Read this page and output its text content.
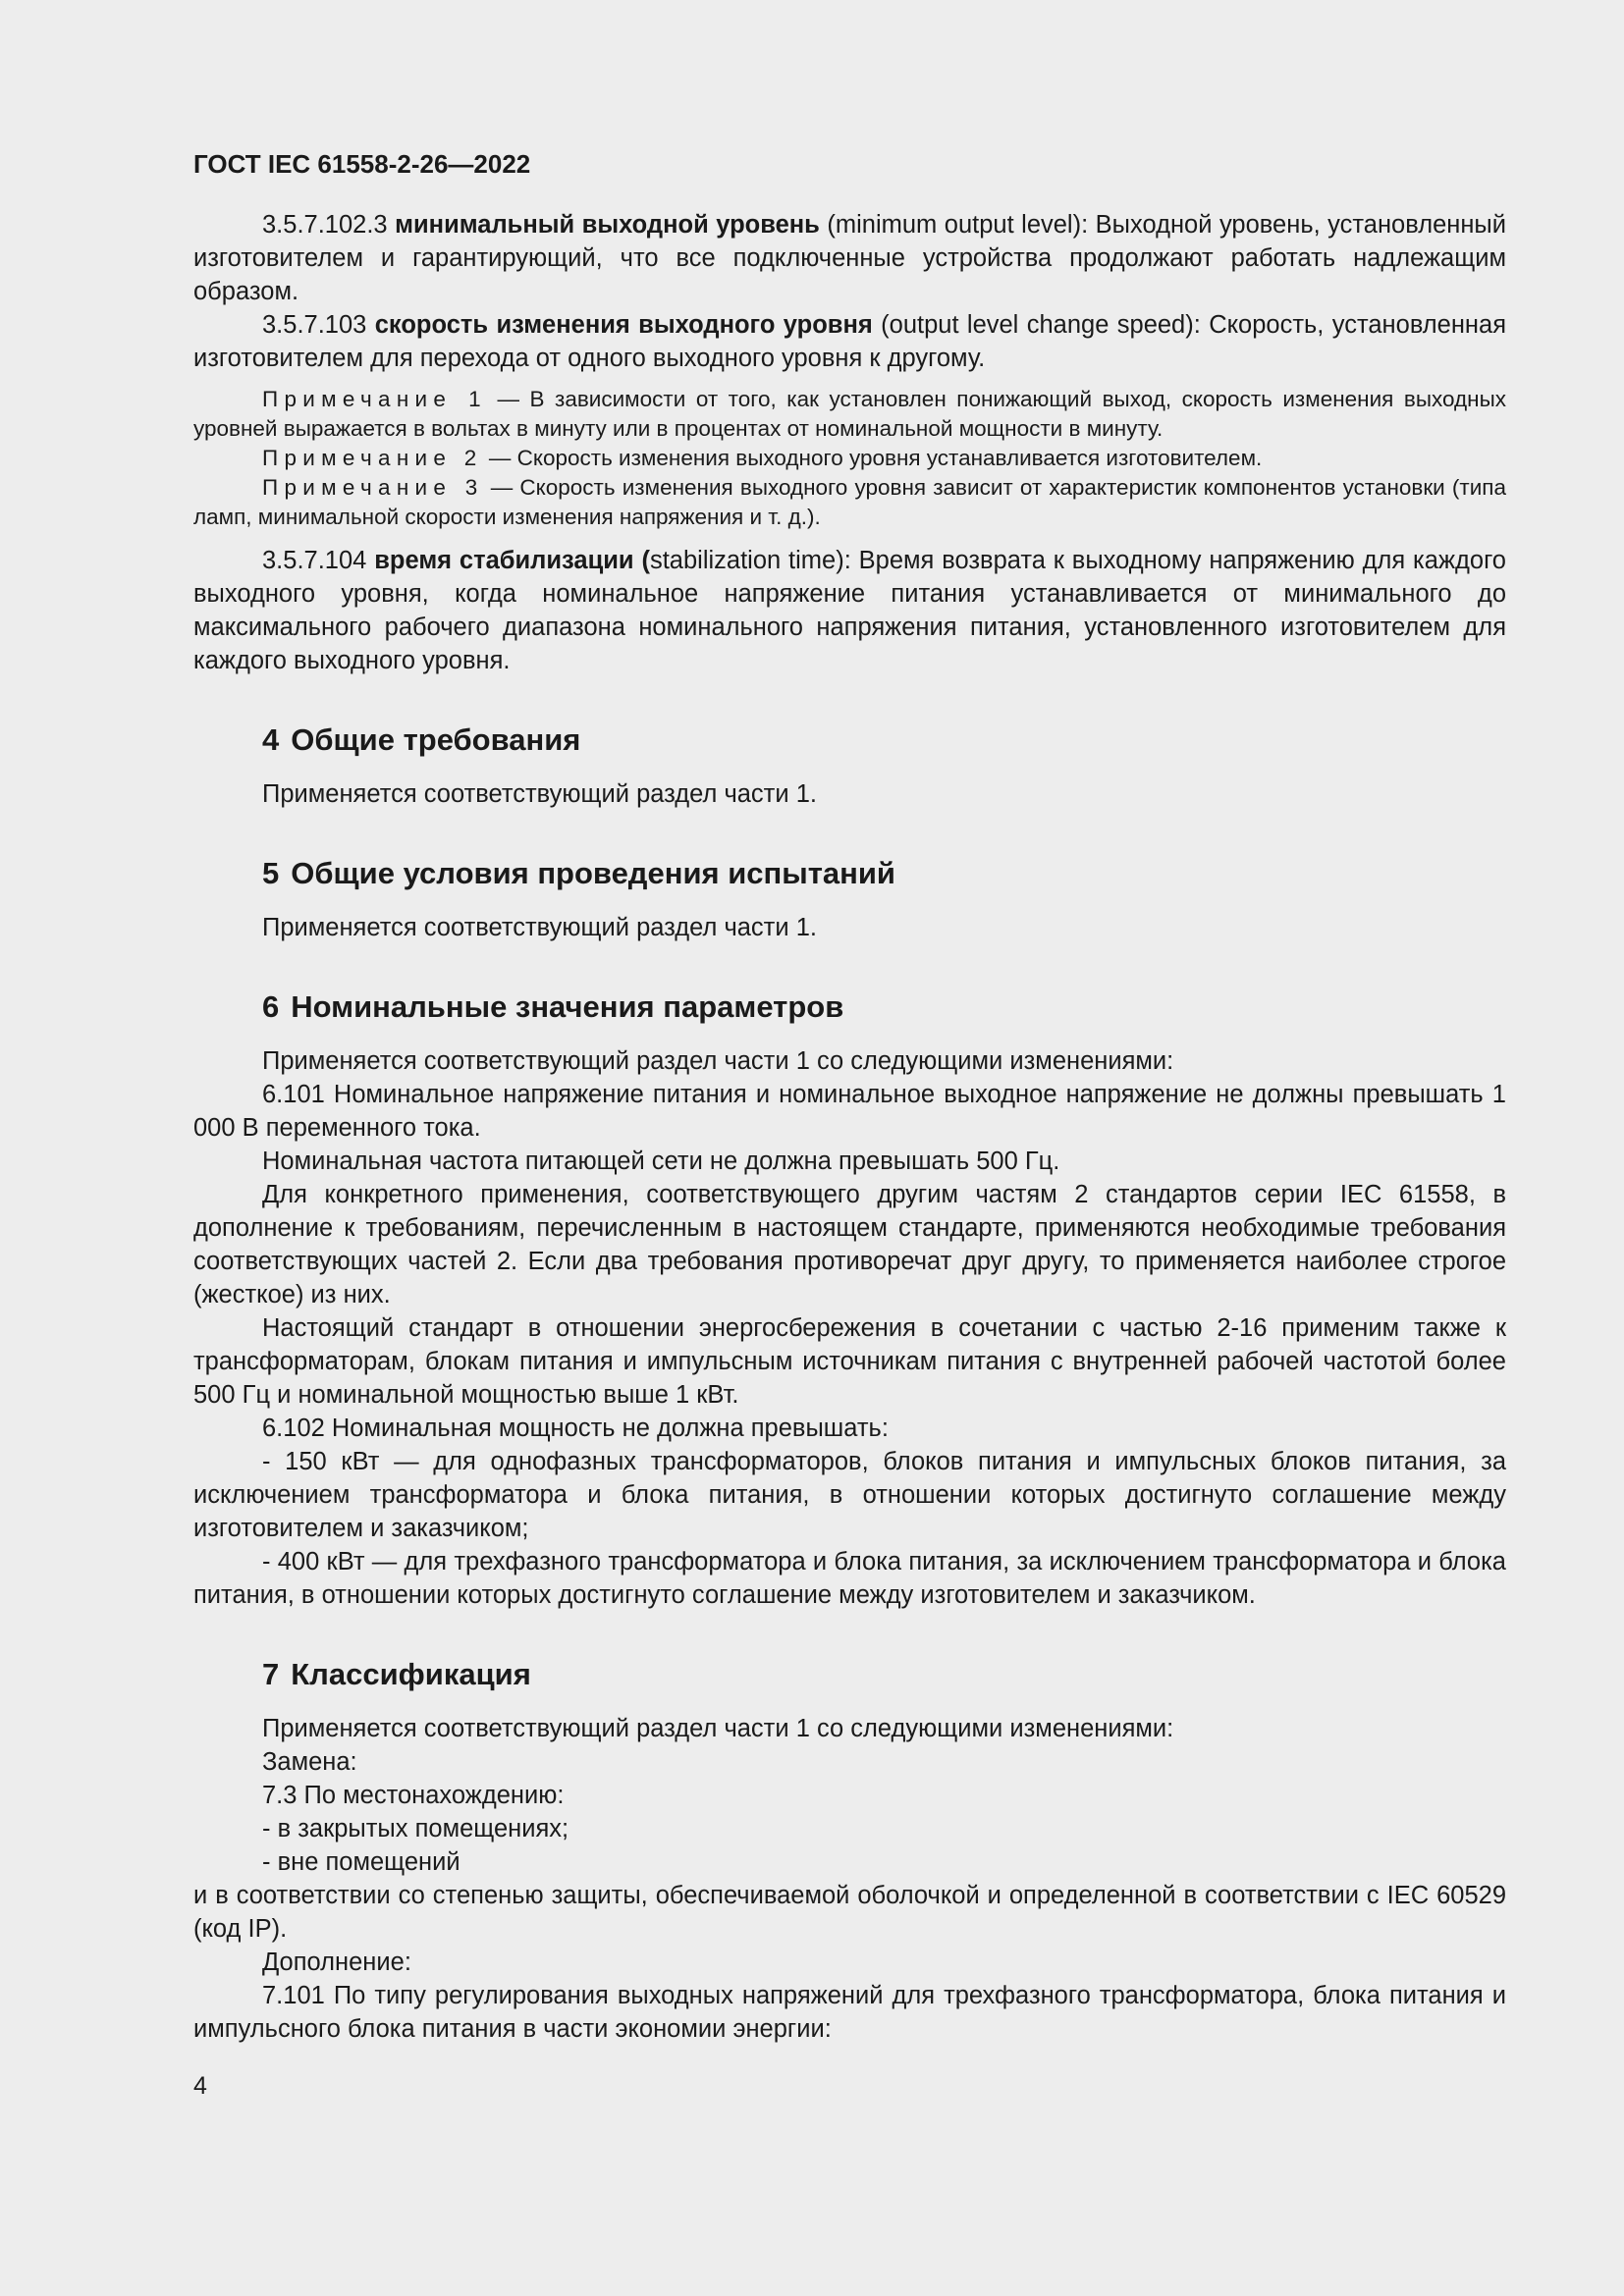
ГОСТ IEC 61558-2-26—2022

3.5.7.102.3 минимальный выходной уровень (minimum output level): Выходной уровень, установленный изготовителем и гарантирующий, что все подключенные устройства продолжают работать надлежащим образом.

3.5.7.103 скорость изменения выходного уровня (output level change speed): Скорость, установленная изготовителем для перехода от одного выходного уровня к другому.

Примечание 1 — В зависимости от того, как установлен понижающий выход, скорость изменения выходных уровней выражается в вольтах в минуту или в процентах от номинальной мощности в минуту.

Примечание 2 — Скорость изменения выходного уровня устанавливается изготовителем.

Примечание 3 — Скорость изменения выходного уровня зависит от характеристик компонентов установки (типа ламп, минимальной скорости изменения напряжения и т. д.).

3.5.7.104 время стабилизации (stabilization time): Время возврата к выходному напряжению для каждого выходного уровня, когда номинальное напряжение питания устанавливается от минимального до максимального рабочего диапазона номинального напряжения питания, установленного изготовителем для каждого выходного уровня.

4 Общие требования

Применяется соответствующий раздел части 1.

5 Общие условия проведения испытаний

Применяется соответствующий раздел части 1.

6 Номинальные значения параметров

Применяется соответствующий раздел части 1 со следующими изменениями:

6.101 Номинальное напряжение питания и номинальное выходное напряжение не должны превышать 1 000 В переменного тока.

Номинальная частота питающей сети не должна превышать 500 Гц.

Для конкретного применения, соответствующего другим частям 2 стандартов серии IEC 61558, в дополнение к требованиям, перечисленным в настоящем стандарте, применяются необходимые требования соответствующих частей 2. Если два требования противоречат друг другу, то применяется наиболее строгое (жесткое) из них.

Настоящий стандарт в отношении энергосбережения в сочетании с частью 2-16 применим также к трансформаторам, блокам питания и импульсным источникам питания с внутренней рабочей частотой более 500 Гц и номинальной мощностью выше 1 кВт.

6.102 Номинальная мощность не должна превышать:

- 150 кВт — для однофазных трансформаторов, блоков питания и импульсных блоков питания, за исключением трансформатора и блока питания, в отношении которых достигнуто соглашение между изготовителем и заказчиком;

- 400 кВт — для трехфазного трансформатора и блока питания, за исключением трансформатора и блока питания, в отношении которых достигнуто соглашение между изготовителем и заказчиком.

7 Классификация

Применяется соответствующий раздел части 1 со следующими изменениями:

Замена:

7.3 По местонахождению:

- в закрытых помещениях;

- вне помещений

и в соответствии со степенью защиты, обеспечиваемой оболочкой и определенной в соответствии с IEC 60529 (код IP).

Дополнение:

7.101 По типу регулирования выходных напряжений для трехфазного трансформатора, блока питания и импульсного блока питания в части экономии энергии:

4
